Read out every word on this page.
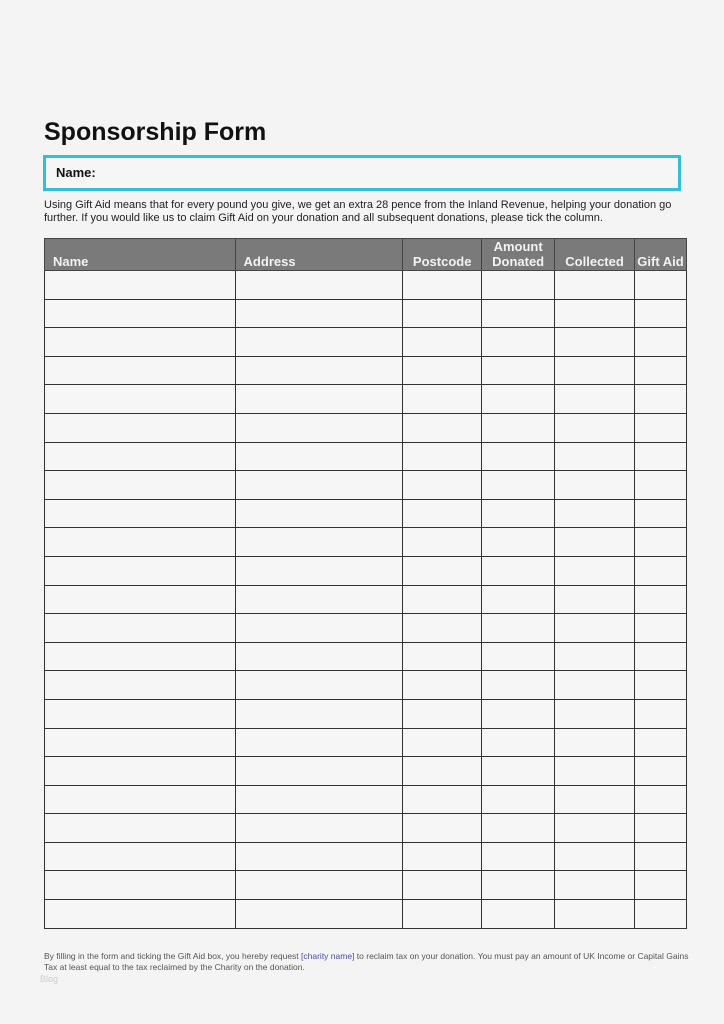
Sponsorship Form
Name:
Using Gift Aid means that for every pound you give, we get an extra 28 pence from the Inland Revenue, helping your donation go further. If you would like us to claim Gift Aid on your donation and all subsequent donations, please tick the column.
Name	Address	Postcode	Amount Donated	Collected	Gift Aid

By filling in the form and ticking the Gift Aid box, you hereby request [charity name] to reclaim tax on your donation. You must pay an amount of UK Income or Capital Gains Tax at least equal to the tax reclaimed by the Charity on the donation.
Blog
